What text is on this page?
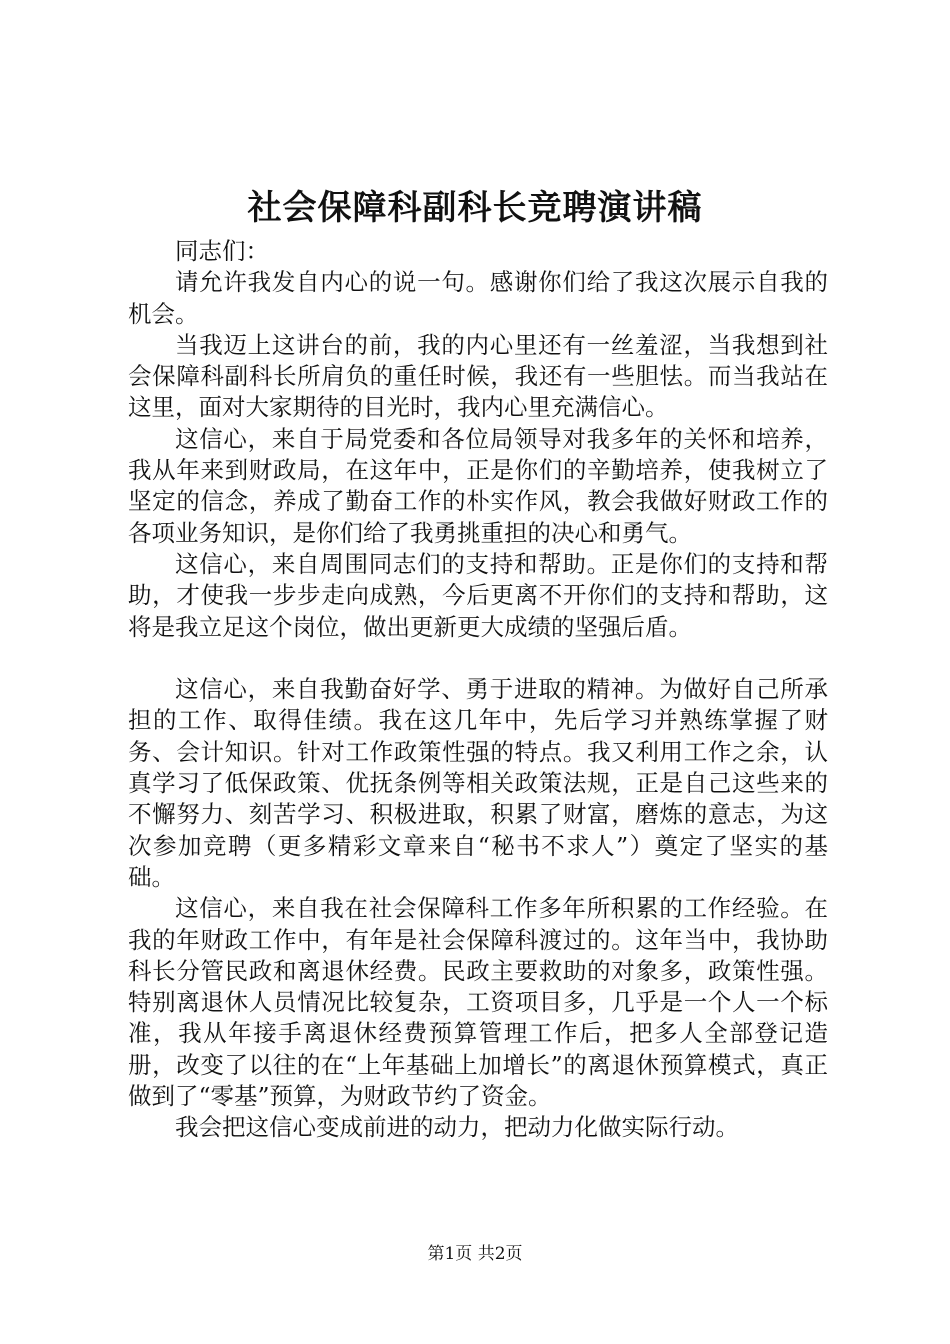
社会保障科副科长竞聘演讲稿

同志们：

请允许我发自内心的说一句。感谢你们给了我这次展示自我的机会。

当我迈上这讲台的前，我的内心里还有一丝羞涩，当我想到社会保障科副科长所肩负的重任时候，我还有一些胆怯。而当我站在这里，面对大家期待的目光时，我内心里充满信心。

这信心，来自于局党委和各位局领导对我多年的关怀和培养，我从年来到财政局，在这年中，正是你们的辛勤培养，使我树立了坚定的信念，养成了勤奋工作的朴实作风，教会我做好财政工作的各项业务知识，是你们给了我勇挑重担的决心和勇气。

这信心，来自周围同志们的支持和帮助。正是你们的支持和帮助，才使我一步步走向成熟，今后更离不开你们的支持和帮助，这将是我立足这个岗位，做出更新更大成绩的坚强后盾。

这信心，来自我勤奋好学、勇于进取的精神。为做好自己所承担的工作、取得佳绩。我在这几年中，先后学习并熟练掌握了财务、会计知识。针对工作政策性强的特点。我又利用工作之余，认真学习了低保政策、优抚条例等相关政策法规，正是自己这些来的不懈努力、刻苦学习、积极进取，积累了财富，磨炼的意志，为这次参加竞聘（更多精彩文章来自“秘书不求人”）奠定了坚实的基础。

这信心，来自我在社会保障科工作多年所积累的工作经验。在我的年财政工作中，有年是社会保障科渡过的。这年当中，我协助科长分管民政和离退休经费。民政主要救助的对象多，政策性强。特别离退休人员情况比较复杂，工资项目多，几乎是一个人一个标准，我从年接手离退休经费预算管理工作后，把多人全部登记造册，改变了以往的在“上年基础上加增长”的离退休预算模式，真正做到了“零基”预算，为财政节约了资金。

我会把这信心变成前进的动力，把动力化做实际行动。

第1页 共2页
